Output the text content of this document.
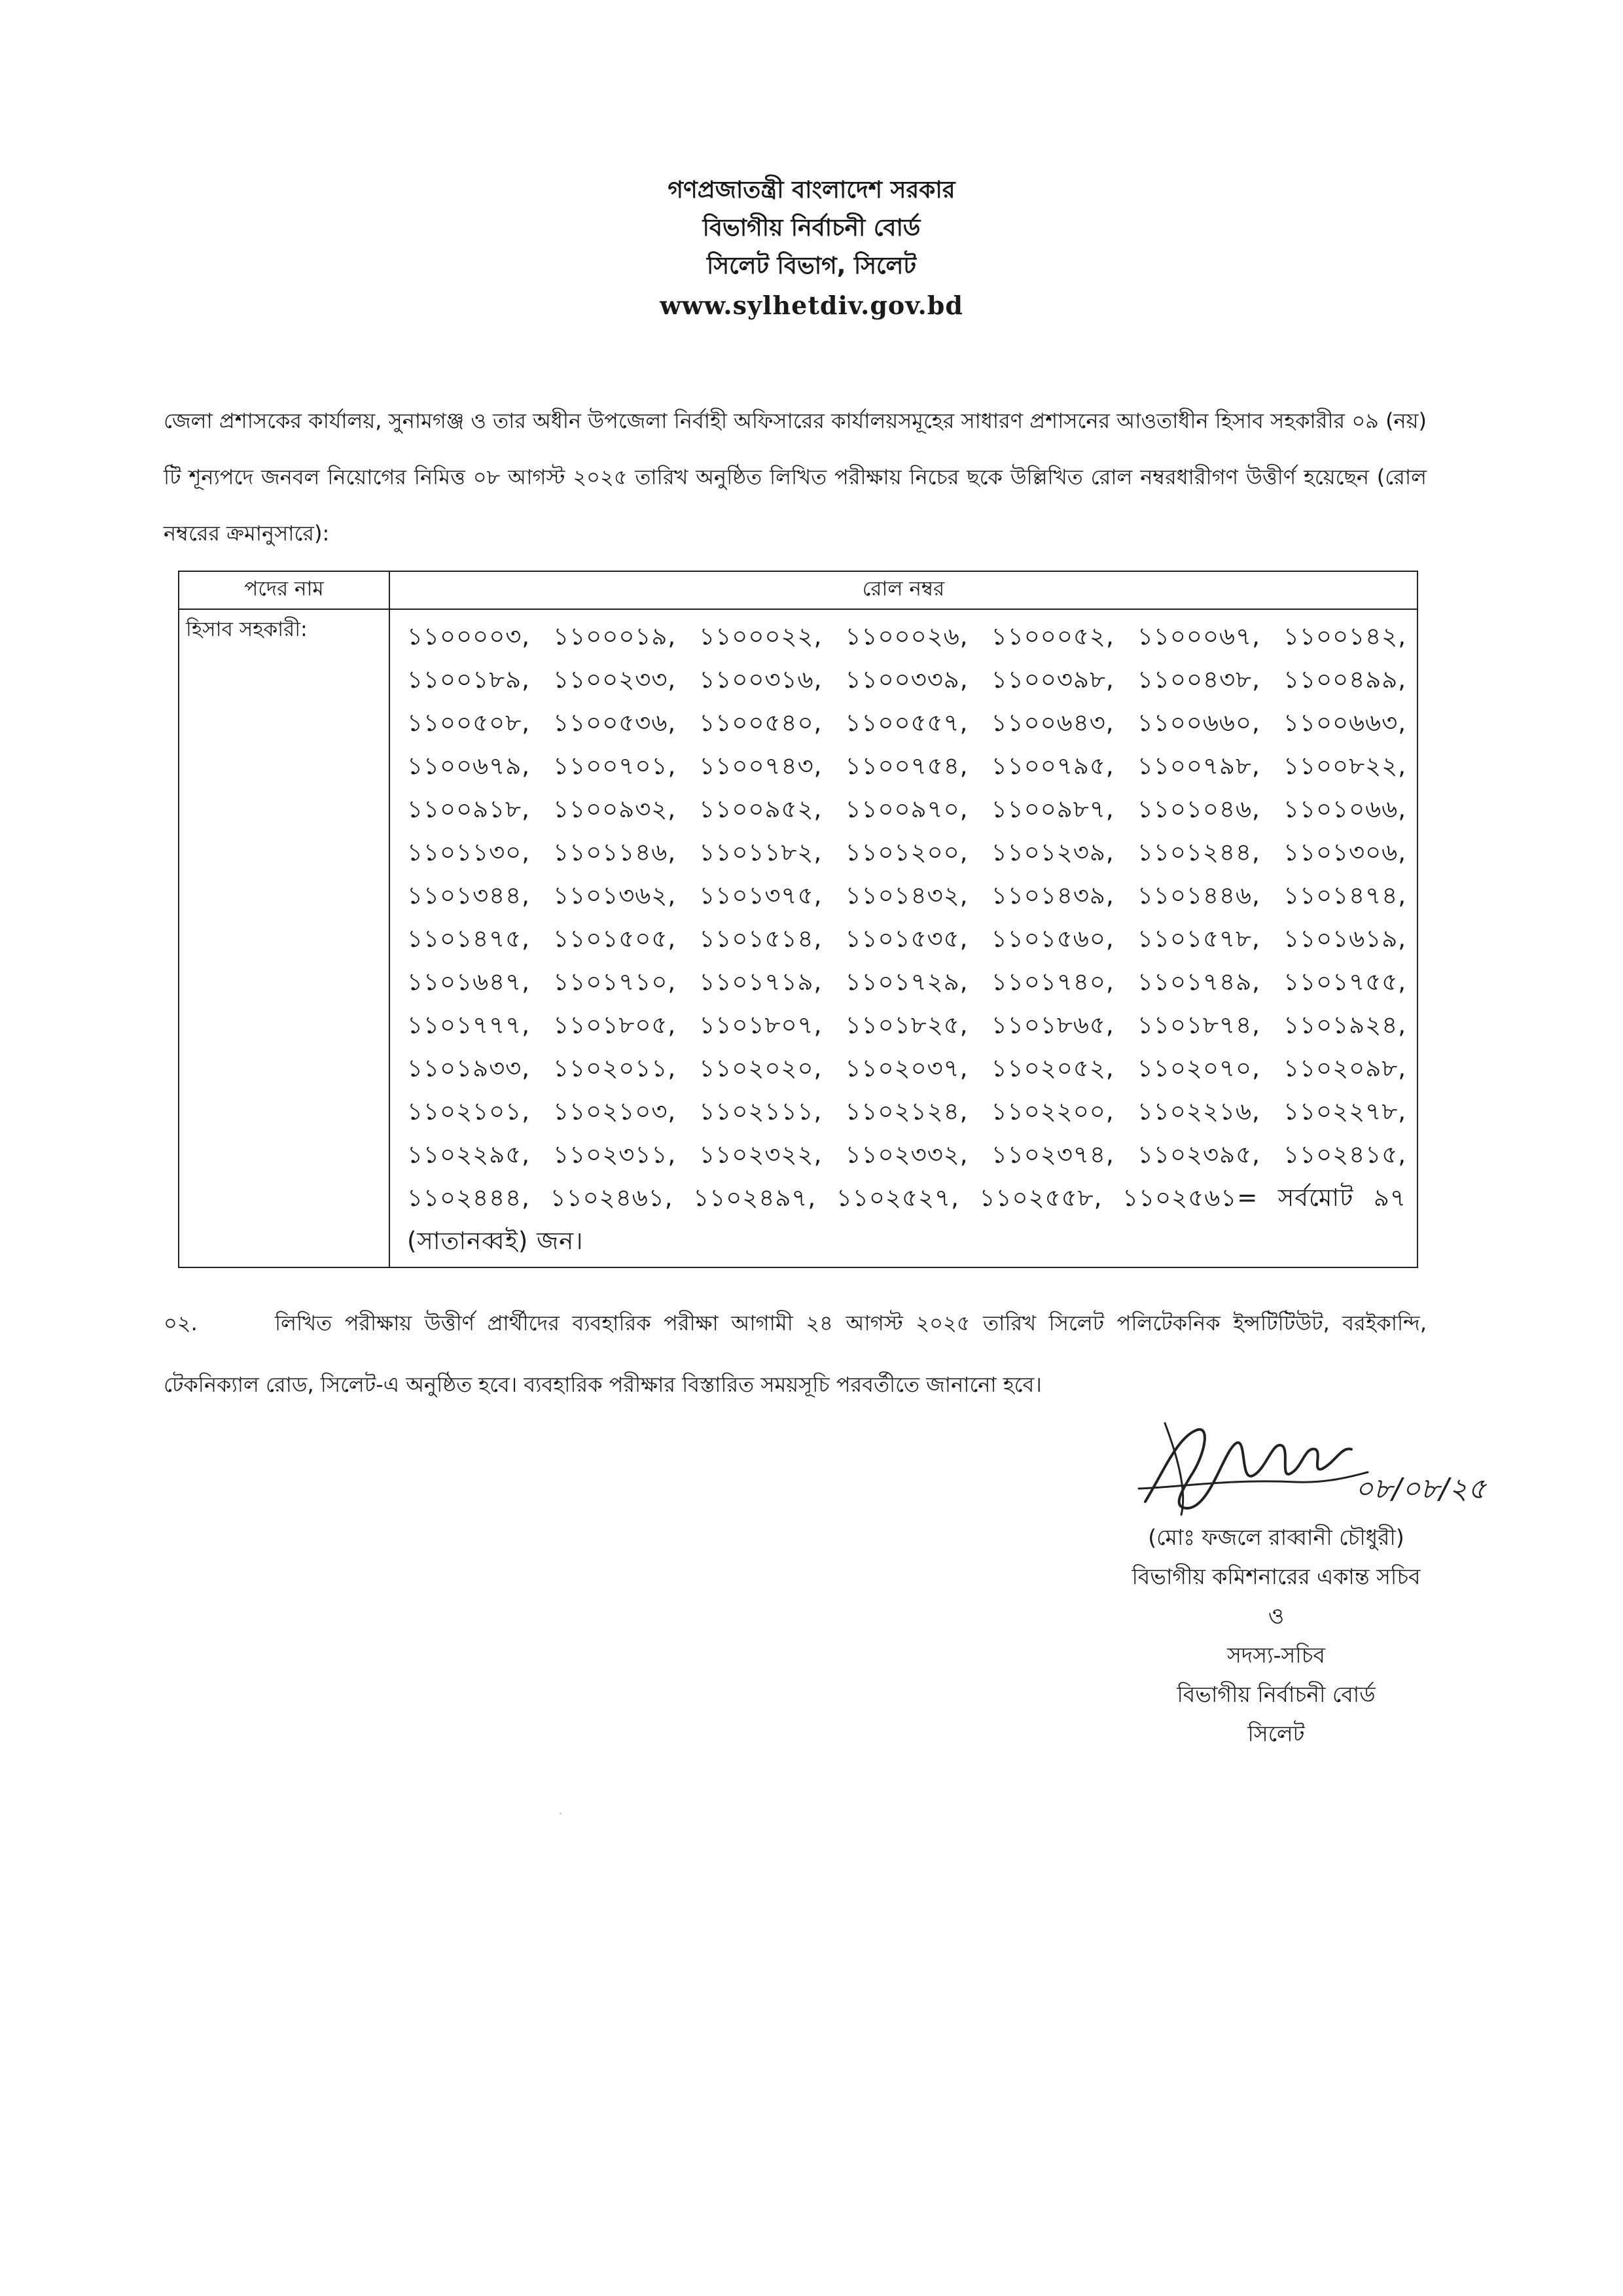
গণপ্রজাতন্ত্রী বাংলাদেশ সরকার
বিভাগীয় নির্বাচনী বোর্ড
সিলেট বিভাগ, সিলেট
www.sylhetdiv.gov.bd
জেলা প্রশাসকের কার্যালয়, সুনামগঞ্জ ও তার অধীন উপজেলা নির্বাহী অফিসারের কার্যালয়সমূহের সাধারণ প্রশাসনের আওতাধীন হিসাব সহকারীর ০৯ (নয়) টি শূন্যপদে জনবল নিয়োগের নিমিত্ত ০৮ আগস্ট ২০২৫ তারিখ অনুষ্ঠিত লিখিত পরীক্ষায় নিচের ছকে উল্লিখিত রোল নম্বরধারীগণ উত্তীর্ণ হয়েছেন (রোল নম্বরের ক্রমানুসারে):
পদের নাম	রোল নম্বর
হিসাব সহকারী:	১১০০০০৩, ১১০০০১৯, ১১০০০২২, ১১০০০২৬, ১১০০০৫২, ১১০০০৬৭, ১১০০১৪২, ১১০০১৮৯, ১১০০২৩৩, ১১০০৩১৬, ১১০০৩৩৯, ১১০০৩৯৮, ১১০০৪৩৮, ১১০০৪৯৯, ১১০০৫০৮, ১১০০৫৩৬, ১১০০৫৪০, ১১০০৫৫৭, ১১০০৬৪৩, ১১০০৬৬০, ১১০০৬৬৩, ১১০০৬৭৯, ১১০০৭০১, ১১০০৭৪৩, ১১০০৭৫৪, ১১০০৭৯৫, ১১০০৭৯৮, ১১০০৮২২, ১১০০৯১৮, ১১০০৯৩২, ১১০০৯৫২, ১১০০৯৭০, ১১০০৯৮৭, ১১০১০৪৬, ১১০১০৬৬, ১১০১১৩০, ১১০১১৪৬, ১১০১১৮২, ১১০১২০০, ১১০১২৩৯, ১১০১২৪৪, ১১০১৩০৬, ১১০১৩৪৪, ১১০১৩৬২, ১১০১৩৭৫, ১১০১৪৩২, ১১০১৪৩৯, ১১০১৪৪৬, ১১০১৪৭৪, ১১০১৪৭৫, ১১০১৫০৫, ১১০১৫১৪, ১১০১৫৩৫, ১১০১৫৬০, ১১০১৫৭৮, ১১০১৬১৯, ১১০১৬৪৭, ১১০১৭১০, ১১০১৭১৯, ১১০১৭২৯, ১১০১৭৪০, ১১০১৭৪৯, ১১০১৭৫৫, ১১০১৭৭৭, ১১০১৮০৫, ১১০১৮০৭, ১১০১৮২৫, ১১০১৮৬৫, ১১০১৮৭৪, ১১০১৯২৪, ১১০১৯৩৩, ১১০২০১১, ১১০২০২০, ১১০২০৩৭, ১১০২০৫২, ১১০২০৭০, ১১০২০৯৮, ১১০২১০১, ১১০২১০৩, ১১০২১১১, ১১০২১২৪, ১১০২২০০, ১১০২২১৬, ১১০২২৭৮, ১১০২২৯৫, ১১০২৩১১, ১১০২৩২২, ১১০২৩৩২, ১১০২৩৭৪, ১১০২৩৯৫, ১১০২৪১৫, ১১০২৪৪৪, ১১০২৪৬১, ১১০২৪৯৭, ১১০২৫২৭, ১১০২৫৫৮, ১১০২৫৬১= সর্বমোট ৯৭ (সাতানব্বই) জন।
০২.	লিখিত পরীক্ষায় উত্তীর্ণ প্রার্থীদের ব্যবহারিক পরীক্ষা আগামী ২৪ আগস্ট ২০২৫ তারিখ সিলেট পলিটেকনিক ইন্সটিটিউট, বরইকান্দি, টেকনিক্যাল রোড, সিলেট-এ অনুষ্ঠিত হবে। ব্যবহারিক পরীক্ষার বিস্তারিত সময়সূচি পরবর্তীতে জানানো হবে।
০৮/০৮/২৫
(মোঃ ফজলে রাব্বানী চৌধুরী)
বিভাগীয় কমিশনারের একান্ত সচিব
ও
সদস্য-সচিব
বিভাগীয় নির্বাচনী বোর্ড
সিলেট
